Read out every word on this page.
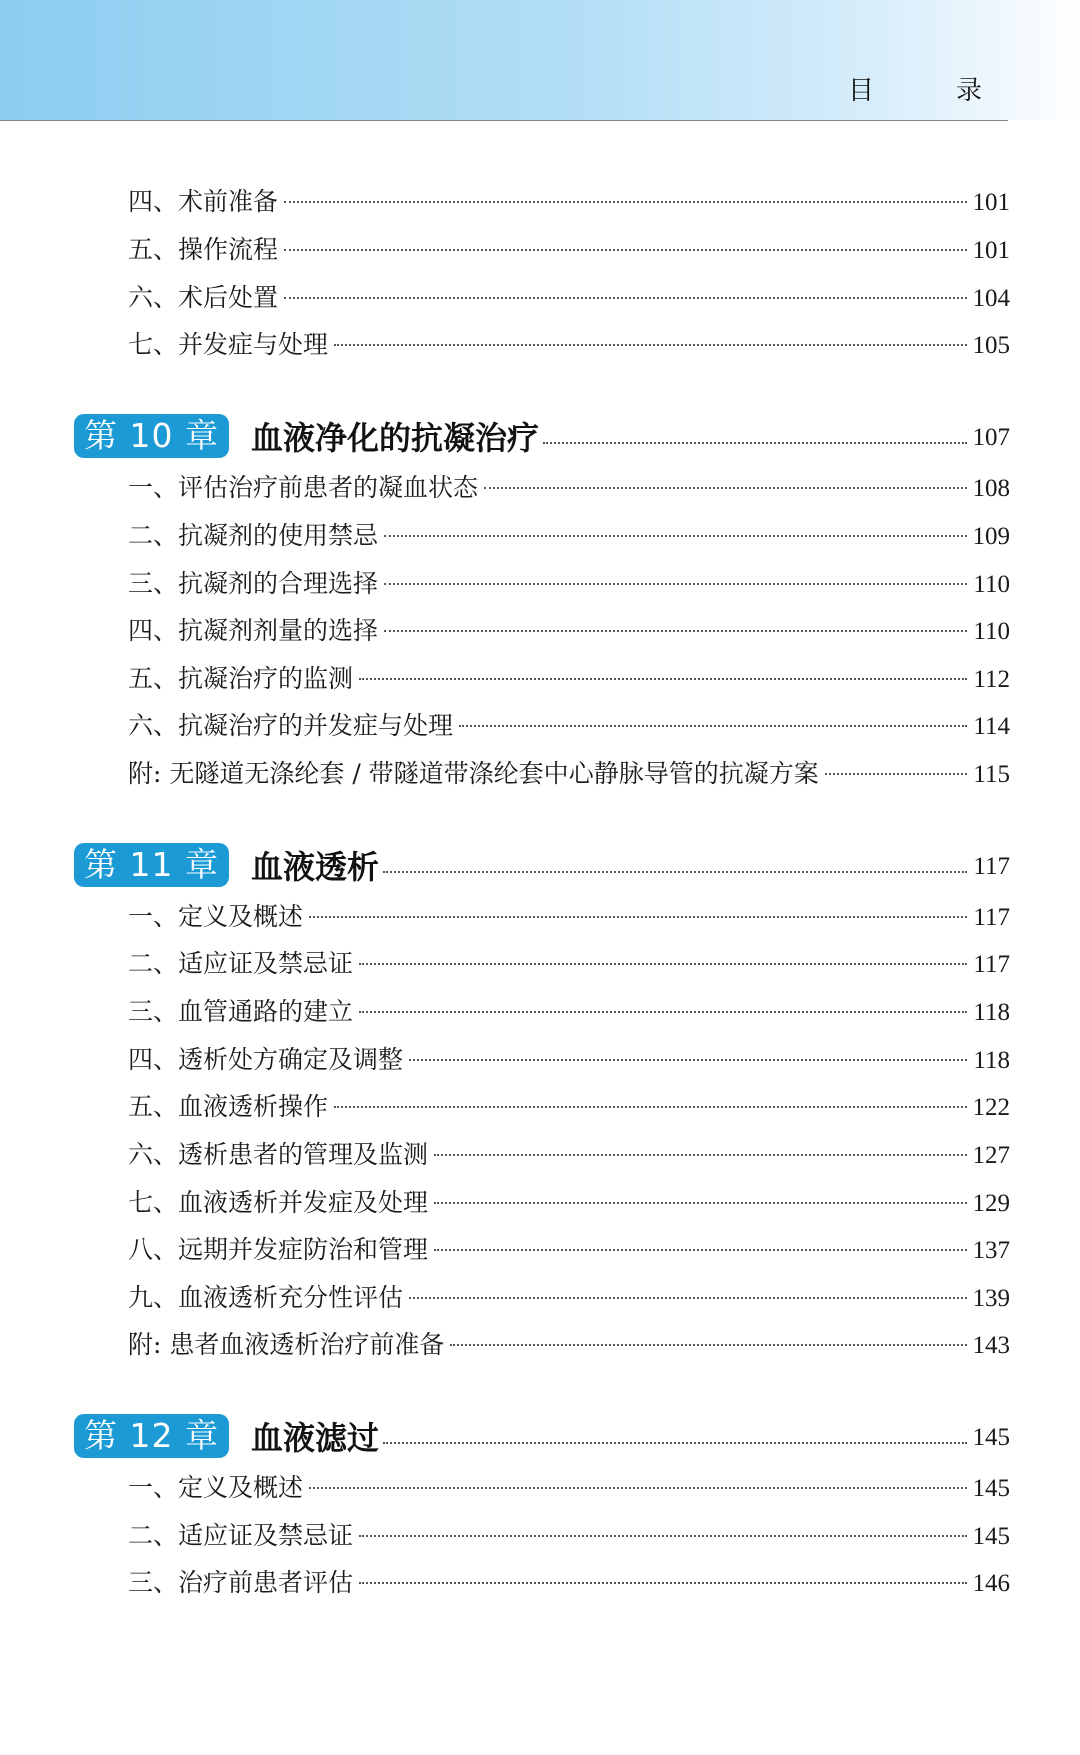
目　录
四、术前准备	101
五、操作流程	101
六、术后处置	104
七、并发症与处理	105
第 10 章	血液净化的抗凝治疗	107
一、评估治疗前患者的凝血状态	108
二、抗凝剂的使用禁忌	109
三、抗凝剂的合理选择	110
四、抗凝剂剂量的选择	110
五、抗凝治疗的监测	112
六、抗凝治疗的并发症与处理	114
附: 无隧道无涤纶套 / 带隧道带涤纶套中心静脉导管的抗凝方案	115
第 11 章	血液透析	117
一、定义及概述	117
二、适应证及禁忌证	117
三、血管通路的建立	118
四、透析处方确定及调整	118
五、血液透析操作	122
六、透析患者的管理及监测	127
七、血液透析并发症及处理	129
八、远期并发症防治和管理	137
九、血液透析充分性评估	139
附: 患者血液透析治疗前准备	143
第 12 章	血液滤过	145
一、定义及概述	145
二、适应证及禁忌证	145
三、治疗前患者评估	146
